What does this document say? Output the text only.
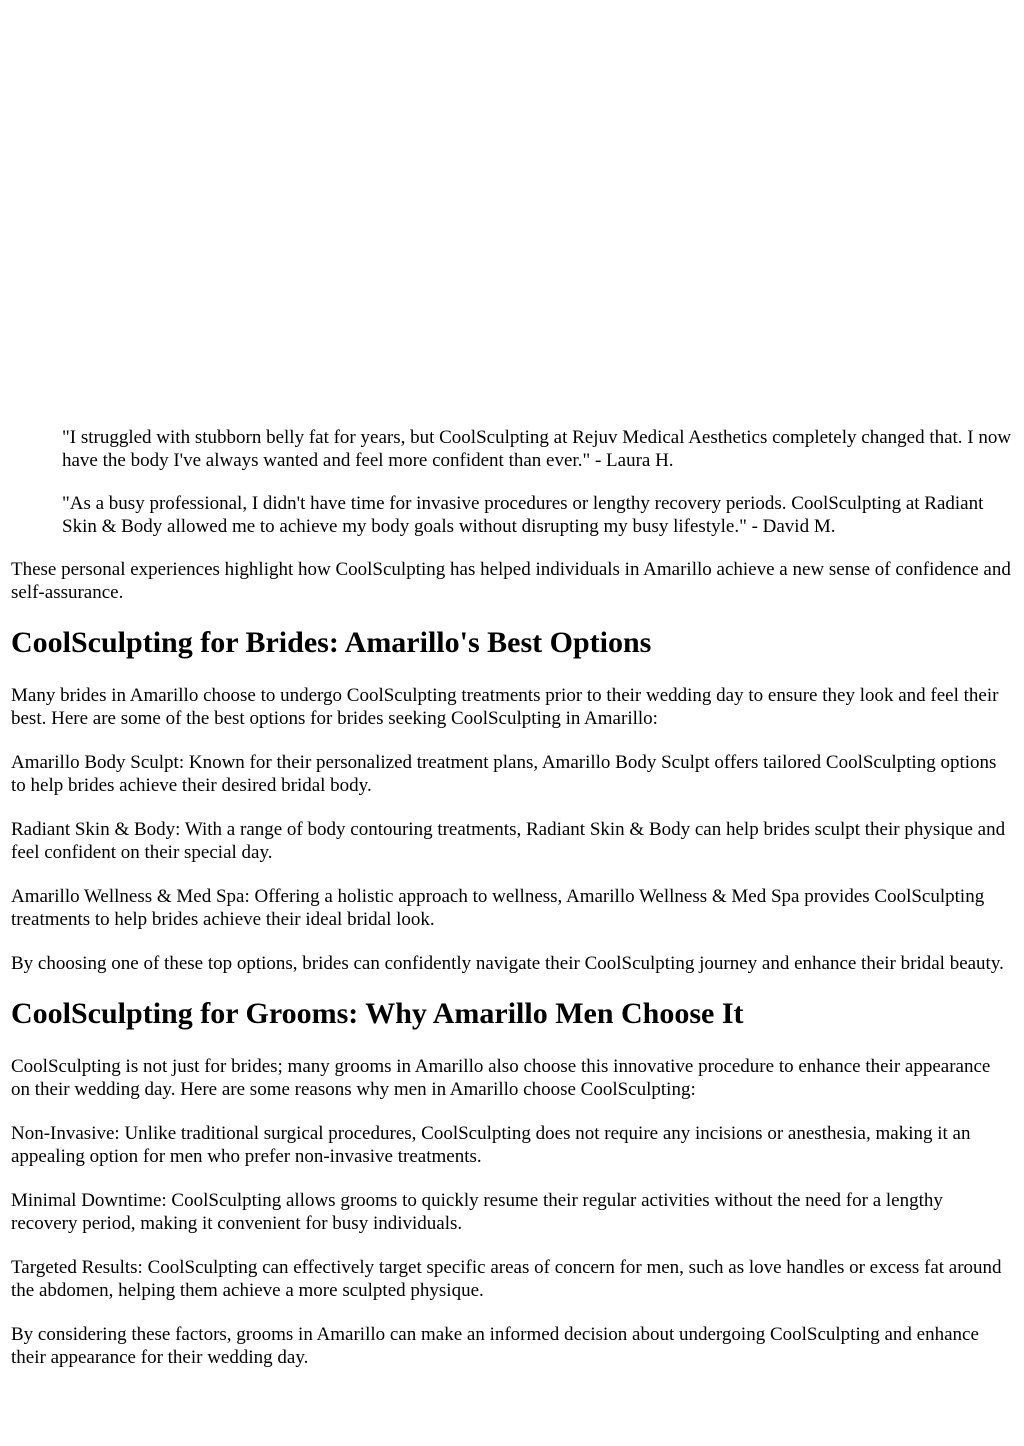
"I struggled with stubborn belly fat for years, but CoolSculpting at Rejuv Medical Aesthetics completely changed that. I now have the body I've always wanted and feel more confident than ever." - Laura H.

"As a busy professional, I didn't have time for invasive procedures or lengthy recovery periods. CoolSculpting at Radiant Skin & Body allowed me to achieve my body goals without disrupting my busy lifestyle." - David M.

These personal experiences highlight how CoolSculpting has helped individuals in Amarillo achieve a new sense of confidence and self-assurance.

CoolSculpting for Brides: Amarillo's Best Options

Many brides in Amarillo choose to undergo CoolSculpting treatments prior to their wedding day to ensure they look and feel their best. Here are some of the best options for brides seeking CoolSculpting in Amarillo:

Amarillo Body Sculpt: Known for their personalized treatment plans, Amarillo Body Sculpt offers tailored CoolSculpting options to help brides achieve their desired bridal body.

Radiant Skin & Body: With a range of body contouring treatments, Radiant Skin & Body can help brides sculpt their physique and feel confident on their special day.

Amarillo Wellness & Med Spa: Offering a holistic approach to wellness, Amarillo Wellness & Med Spa provides CoolSculpting treatments to help brides achieve their ideal bridal look.

By choosing one of these top options, brides can confidently navigate their CoolSculpting journey and enhance their bridal beauty.

CoolSculpting for Grooms: Why Amarillo Men Choose It

CoolSculpting is not just for brides; many grooms in Amarillo also choose this innovative procedure to enhance their appearance on their wedding day. Here are some reasons why men in Amarillo choose CoolSculpting:

Non-Invasive: Unlike traditional surgical procedures, CoolSculpting does not require any incisions or anesthesia, making it an appealing option for men who prefer non-invasive treatments.

Minimal Downtime: CoolSculpting allows grooms to quickly resume their regular activities without the need for a lengthy recovery period, making it convenient for busy individuals.

Targeted Results: CoolSculpting can effectively target specific areas of concern for men, such as love handles or excess fat around the abdomen, helping them achieve a more sculpted physique.

By considering these factors, grooms in Amarillo can make an informed decision about undergoing CoolSculpting and enhance their appearance for their wedding day.
